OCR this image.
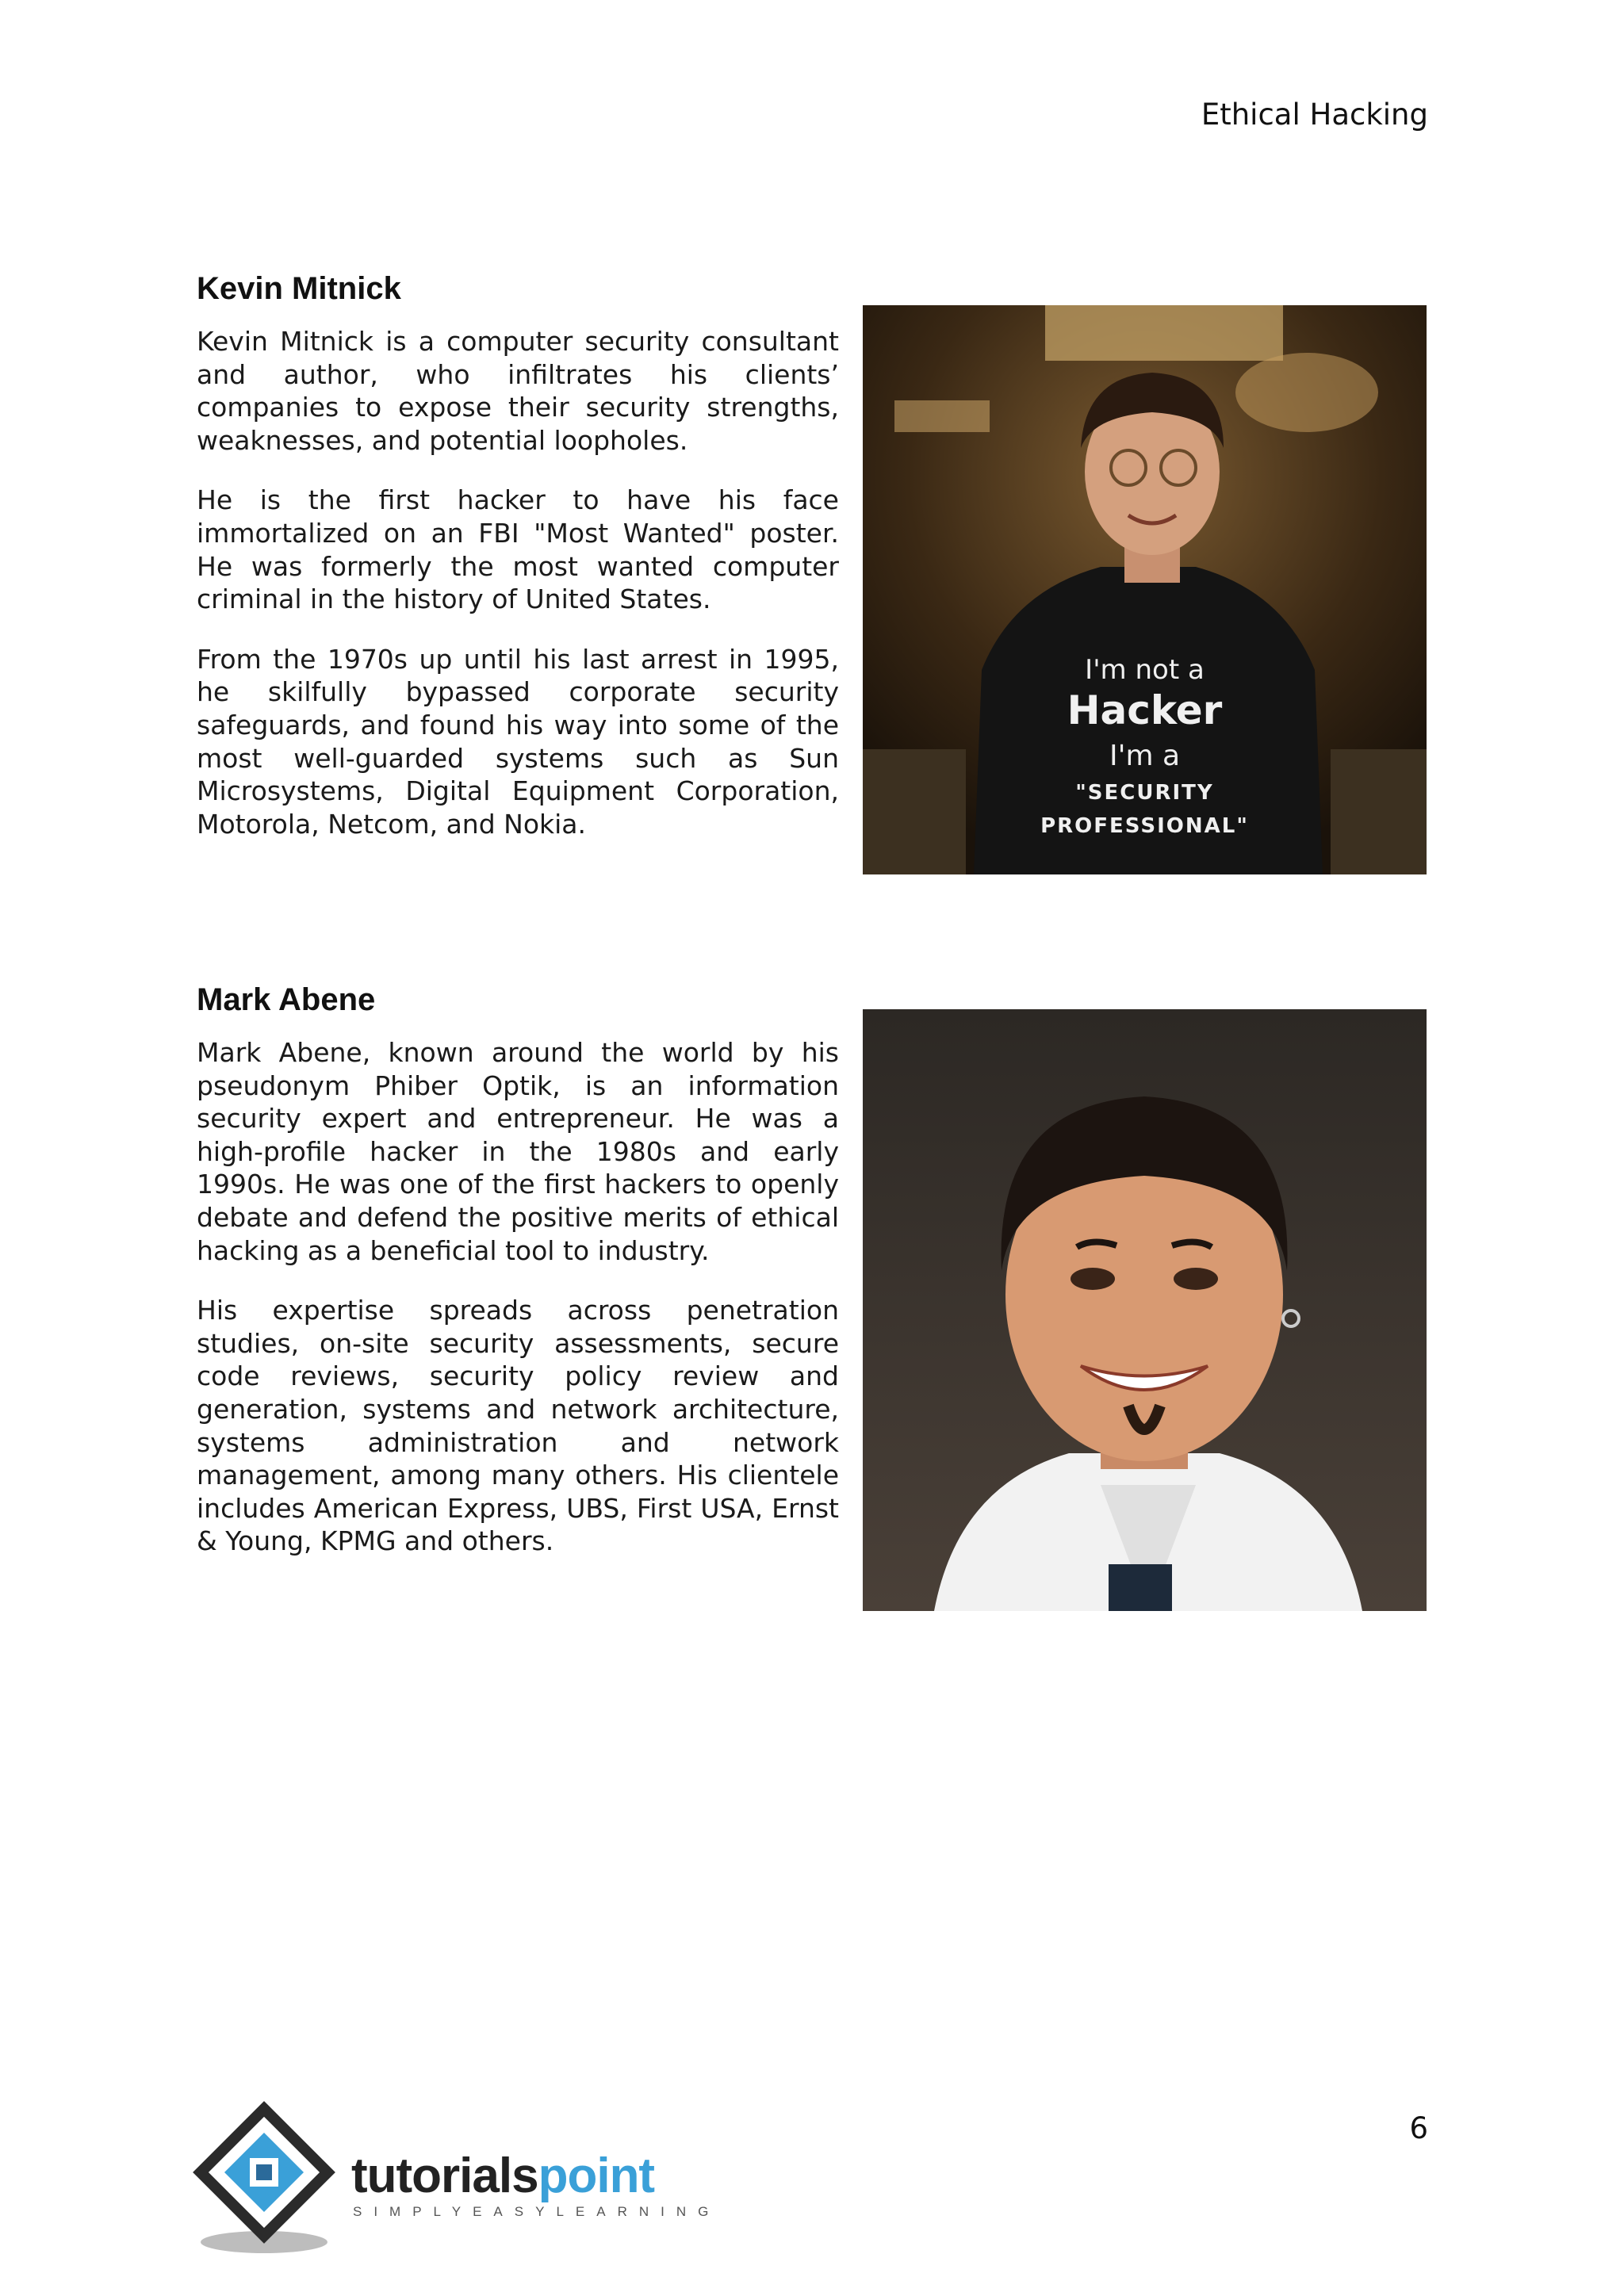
Ethical Hacking

Kevin Mitnick

Kevin Mitnick is a computer security consultant and author, who infiltrates his clients’ companies to expose their security strengths, weaknesses, and potential loopholes.

He is the first hacker to have his face immortalized on an FBI "Most Wanted" poster. He was formerly the most wanted computer criminal in the history of United States.

From the 1970s up until his last arrest in 1995, he skilfully bypassed corporate security safeguards, and found his way into some of the most well-guarded systems such as Sun Microsystems, Digital Equipment Corporation, Motorola, Netcom, and Nokia.

I'm not a
Hacker
I'm a
"SECURITY
PROFESSIONAL"
Mark Abene

Mark Abene, known around the world by his pseudonym Phiber Optik, is an information security expert and entrepreneur. He was a high-profile hacker in the 1980s and early 1990s. He was one of the first hackers to openly debate and defend the positive merits of ethical hacking as a beneficial tool to industry.

His expertise spreads across penetration studies, on-site security assessments, secure code reviews, security policy review and generation, systems and network architecture, systems administration and network management, among many others. His clientele includes American Express, UBS, First USA, Ernst & Young, KPMG and others.

6

tutorialspoint
SIMPLYEASYLEARNING
